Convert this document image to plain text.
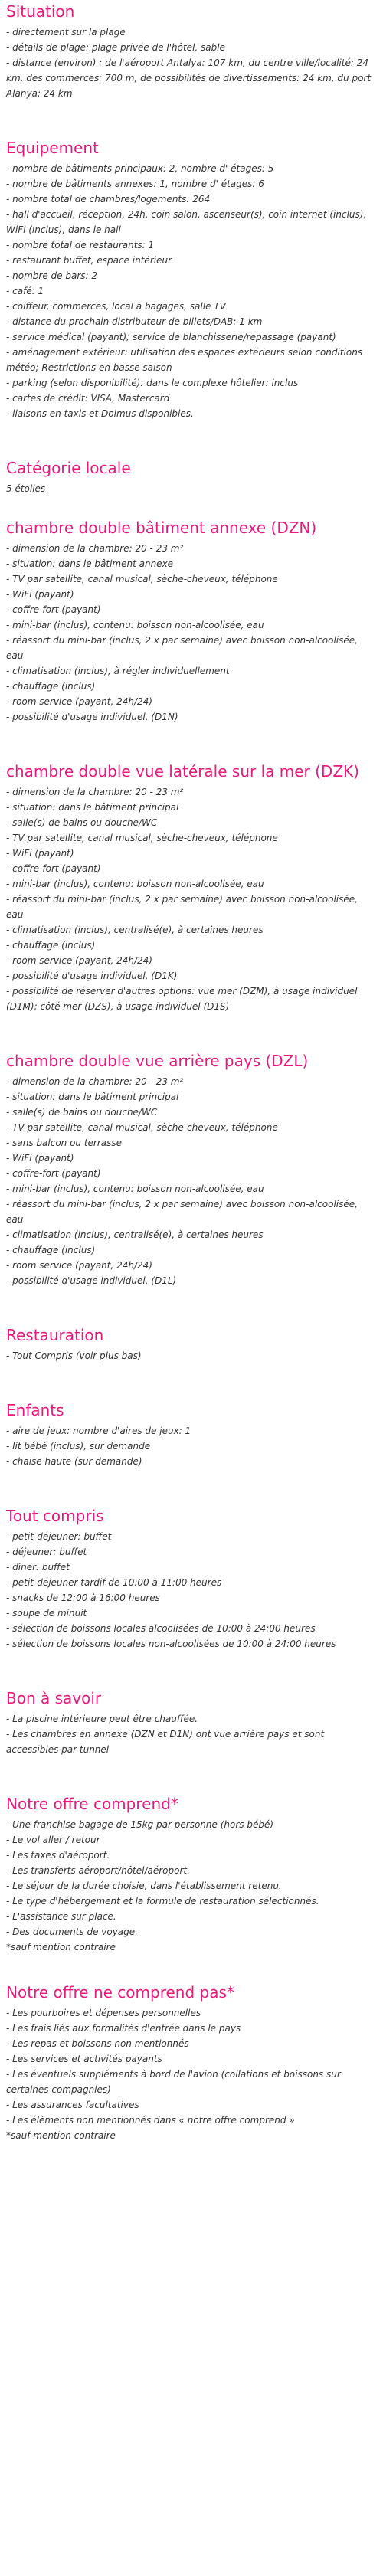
Situation
- directement sur la plage
- détails de plage: plage privée de l'hôtel, sable
- distance (environ) : de l'aéroport Antalya: 107 km, du centre ville/localité: 24 km, des commerces: 700 m, de possibilités de divertissements: 24 km, du port Alanya: 24 km
Equipement
- nombre de bâtiments principaux: 2, nombre d' étages: 5
- nombre de bâtiments annexes: 1, nombre d' étages: 6
- nombre total de chambres/logements: 264
- hall d'accueil, réception, 24h, coin salon, ascenseur(s), coin internet (inclus), WiFi (inclus), dans le hall
- nombre total de restaurants: 1
- restaurant buffet, espace intérieur
- nombre de bars: 2
- café: 1
- coiffeur, commerces, local à bagages, salle TV
- distance du prochain distributeur de billets/DAB: 1 km
- service médical (payant); service de blanchisserie/repassage (payant)
- aménagement extérieur: utilisation des espaces extérieurs selon conditions météo; Restrictions en basse saison
- parking (selon disponibilité): dans le complexe hôtelier: inclus
- cartes de crédit: VISA, Mastercard
- liaisons en taxis et Dolmus disponibles.
Catégorie locale
5 étoiles
chambre double bâtiment annexe (DZN)
- dimension de la chambre: 20 - 23 m²
- situation: dans le bâtiment annexe
- TV par satellite, canal musical, sèche-cheveux, téléphone
- WiFi (payant)
- coffre-fort (payant)
- mini-bar (inclus), contenu: boisson non-alcoolisée, eau
- réassort du mini-bar (inclus, 2 x par semaine) avec boisson non-alcoolisée, eau
- climatisation (inclus), à régler individuellement
- chauffage (inclus)
- room service (payant, 24h/24)
- possibilité d'usage individuel, (D1N)
chambre double vue latérale sur la mer (DZK)
- dimension de la chambre: 20 - 23 m²
- situation: dans le bâtiment principal
- salle(s) de bains ou douche/WC
- TV par satellite, canal musical, sèche-cheveux, téléphone
- WiFi (payant)
- coffre-fort (payant)
- mini-bar (inclus), contenu: boisson non-alcoolisée, eau
- réassort du mini-bar (inclus, 2 x par semaine) avec boisson non-alcoolisée, eau
- climatisation (inclus), centralisé(e), à certaines heures
- chauffage (inclus)
- room service (payant, 24h/24)
- possibilité d'usage individuel, (D1K)
- possibilité de réserver d'autres options: vue mer (DZM), à usage individuel (D1M); côté mer (DZS), à usage individuel (D1S)
chambre double vue arrière pays (DZL)
- dimension de la chambre: 20 - 23 m²
- situation: dans le bâtiment principal
- salle(s) de bains ou douche/WC
- TV par satellite, canal musical, sèche-cheveux, téléphone
- sans balcon ou terrasse
- WiFi (payant)
- coffre-fort (payant)
- mini-bar (inclus), contenu: boisson non-alcoolisée, eau
- réassort du mini-bar (inclus, 2 x par semaine) avec boisson non-alcoolisée, eau
- climatisation (inclus), centralisé(e), à certaines heures
- chauffage (inclus)
- room service (payant, 24h/24)
- possibilité d'usage individuel, (D1L)
Restauration
- Tout Compris (voir plus bas)
Enfants
- aire de jeux: nombre d'aires de jeux: 1
- lit bébé (inclus), sur demande
- chaise haute (sur demande)
Tout compris
- petit-déjeuner: buffet
- déjeuner: buffet
- dîner: buffet
- petit-déjeuner tardif de 10:00 à 11:00 heures
- snacks de 12:00 à 16:00 heures
- soupe de minuit
- sélection de boissons locales alcoolisées de 10:00 à 24:00 heures
- sélection de boissons locales non-alcoolisées de 10:00 à 24:00 heures
Bon à savoir
- La piscine intérieure peut être chauffée.
- Les chambres en annexe (DZN et D1N) ont vue arrière pays et sont accessibles par tunnel
Notre offre comprend*
- Une franchise bagage de 15kg par personne (hors bébé)
- Le vol aller / retour
- Les taxes d'aéroport.
- Les transferts aéroport/hôtel/aéroport.
- Le séjour de la durée choisie, dans l'établissement retenu.
- Le type d'hébergement et la formule de restauration sélectionnés.
- L'assistance sur place.
- Des documents de voyage.
*sauf mention contraire
Notre offre ne comprend pas*
- Les pourboires et dépenses personnelles
- Les frais liés aux formalités d'entrée dans le pays
- Les repas et boissons non mentionnés
- Les services et activités payants
- Les éventuels suppléments à bord de l'avion (collations et boissons sur certaines compagnies)
- Les assurances facultatives
- Les éléments non mentionnés dans « notre offre comprend »
*sauf mention contraire
